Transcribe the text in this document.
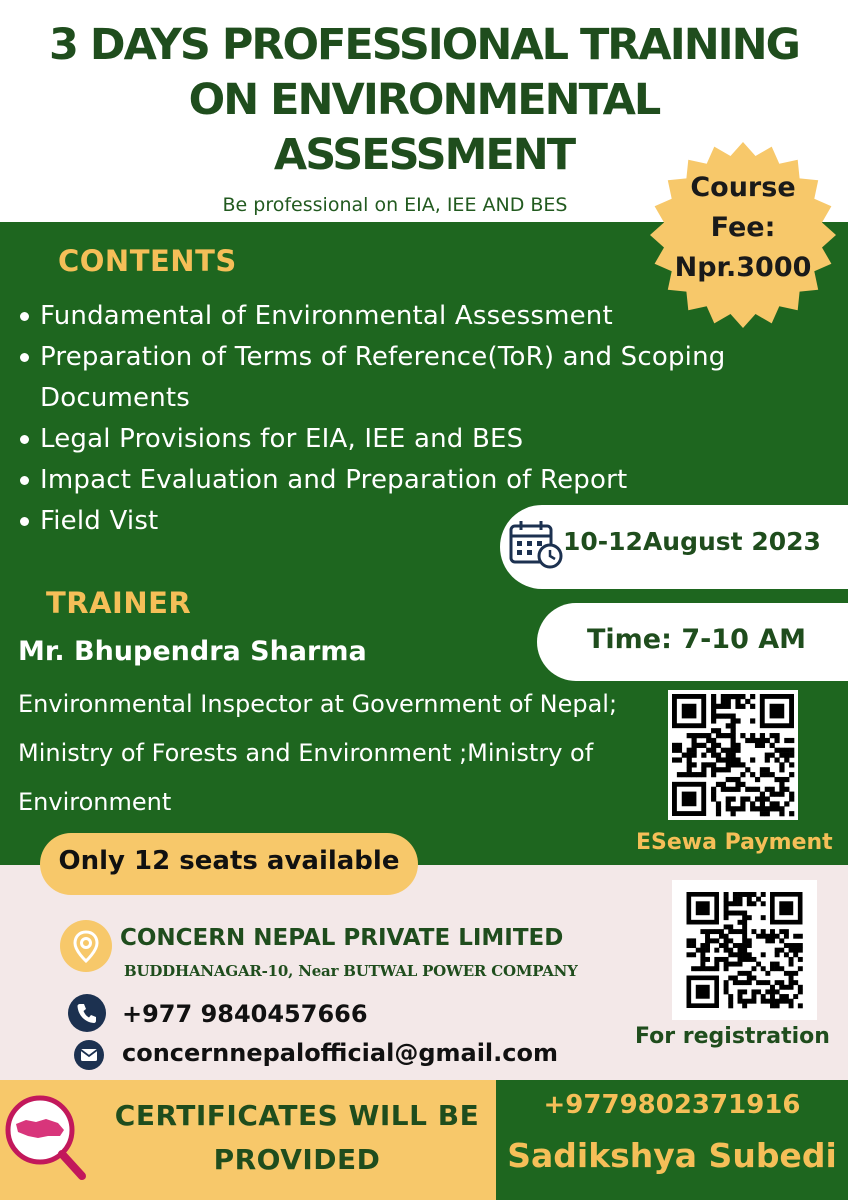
3 DAYS PROFESSIONAL TRAINING
ON ENVIRONMENTAL
ASSESSMENT
Be professional on EIA, IEE AND BES
Course
Fee:
Npr.3000
CONTENTS
Fundamental of Environmental Assessment
Preparation of Terms of Reference(ToR) and Scoping Documents
Legal Provisions for EIA, IEE and BES
Impact Evaluation and Preparation of Report
Field Vist
10-12August 2023
Time: 7-10 AM
TRAINER
Mr. Bhupendra Sharma
Environmental Inspector at Government of Nepal; Ministry of Forests and Environment ;Ministry of Environment
ESewa Payment
Only 12 seats available
CONCERN NEPAL PRIVATE LIMITED
BUDDHANAGAR-10, Near BUTWAL POWER COMPANY
+977 9840457666
concernnepalofficial@gmail.com
For registration
CERTIFICATES WILL BE
PROVIDED
+9779802371916
Sadikshya Subedi
